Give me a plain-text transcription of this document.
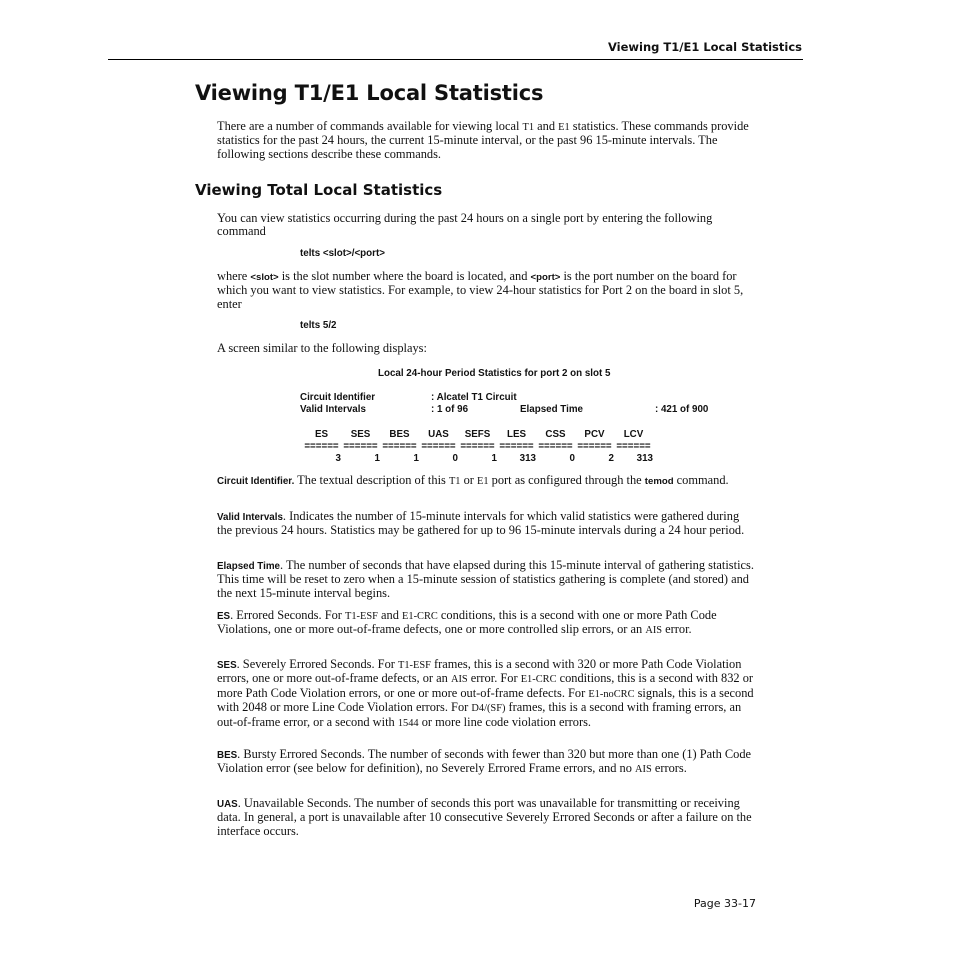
Viewing T1/E1 Local Statistics
Viewing T1/E1 Local Statistics

There are a number of commands available for viewing local T1 and E1 statistics. These commands provide statistics for the past 24 hours, the current 15-minute interval, or the past 96 15-minute intervals. The following sections describe these commands.

Viewing Total Local Statistics

You can view statistics occurring during the past 24 hours on a single port by entering the following command

telts <slot>/<port>

where <slot> is the slot number where the board is located, and <port> is the port number on the board for which you want to view statistics. For example, to view 24-hour statistics for Port 2 on the board in slot 5, enter

telts 5/2

A screen similar to the following displays:

Local 24-hour Period Statistics for port 2 on slot 5
Circuit Identifier	: Alcatel T1 Circuit
Valid Intervals	: 1 of 96	Elapsed Time	: 421 of 900
ES	SES	BES	UAS	SEFS	LES	CSS	PCV	LCV
======	======	======	======	======	======	======	======	======
3	1	1	0	1	313	0	2	313

Circuit Identifier. The textual description of this T1 or E1 port as configured through the temod command.

Valid Intervals. Indicates the number of 15-minute intervals for which valid statistics were gathered during the previous 24 hours. Statistics may be gathered for up to 96 15-minute intervals during a 24 hour period.

Elapsed Time. The number of seconds that have elapsed during this 15-minute interval of gathering statistics. This time will be reset to zero when a 15-minute session of statistics gathering is complete (and stored) and the next 15-minute interval begins.

ES. Errored Seconds. For T1-ESF and E1-CRC conditions, this is a second with one or more Path Code Violations, one or more out-of-frame defects, one or more controlled slip errors, or an AIS error.

SES. Severely Errored Seconds. For T1-ESF frames, this is a second with 320 or more Path Code Violation errors, one or more out-of-frame defects, or an AIS error. For E1-CRC conditions, this is a second with 832 or more Path Code Violation errors, or one or more out-of-frame defects. For E1-noCRC signals, this is a second with 2048 or more Line Code Violation errors. For D4/(SF) frames, this is a second with framing errors, an out-of-frame error, or a second with 1544 or more line code violation errors.

BES. Bursty Errored Seconds. The number of seconds with fewer than 320 but more than one (1) Path Code Violation error (see below for definition), no Severely Errored Frame errors, and no AIS errors.

UAS. Unavailable Seconds. The number of seconds this port was unavailable for transmitting or receiving data. In general, a port is unavailable after 10 consecutive Severely Errored Seconds or after a failure on the interface occurs.

Page 33-17
